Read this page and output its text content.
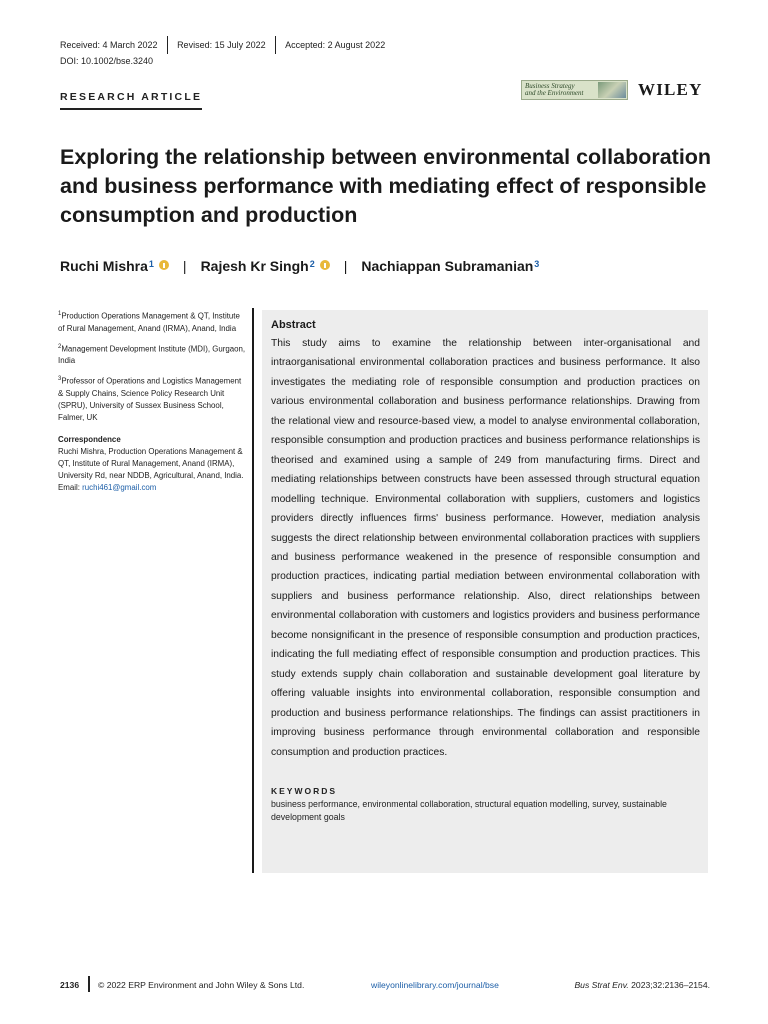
Received: 4 March 2022 Revised: 15 July 2022 Accepted: 2 August 2022
DOI: 10.1002/bse.3240
RESEARCH ARTICLE
Business Strategy
and the Environment	WILEY
Exploring the relationship between environmental collaboration and business performance with mediating effect of responsible consumption and production
Ruchi Mishra$^1$ | Rajesh Kr Singh$^2$ | Nachiappan Subramanian$^3$

$^1$Production Operations Management & QT, Institute of Rural Management, Anand (IRMA), Anand, India

$^2$Management Development Institute (MDI), Gurgaon, India

$^3$Professor of Operations and Logistics Management & Supply Chains, Science Policy Research Unit (SPRU), University of Sussex Business School, Falmer, UK

Correspondence
Ruchi Mishra, Production Operations Management & QT, Institute of Rural Management, Anand (IRMA), University Rd, near NDDB, Agricultural, Anand, India.
Email: ruchi461@gmail.com
Abstract

This study aims to examine the relationship between inter-organisational and intraorganisational environmental collaboration practices and business performance. It also investigates the mediating role of responsible consumption and production practices on various environmental collaboration and business performance relationships. Drawing from the relational view and resource-based view, a model to analyse environmental collaboration, responsible consumption and production practices and business performance relationships is theorised and examined using a sample of 249 from manufacturing firms. Direct and mediating relationships between constructs have been assessed through structural equation modelling technique. Environmental collaboration with suppliers, customers and logistics providers directly influences firms' business performance. However, mediation analysis suggests the direct relationship between environmental collaboration practices with suppliers and business performance weakened in the presence of responsible consumption and production practices, indicating partial mediation between environmental collaboration with suppliers and business performance relationship. Also, direct relationships between environmental collaboration with customers and logistics providers and business performance become nonsignificant in the presence of responsible consumption and production practices, indicating the full mediating effect of responsible consumption and production practices. This study extends supply chain collaboration and sustainable development goal literature by offering valuable insights into environmental collaboration, responsible consumption and production and business performance relationships. The findings can assist practitioners in improving business performance through environmental collaboration and responsible consumption and production practices.

KEYWORDS
business performance, environmental collaboration, structural equation modelling, survey, sustainable development goals
2136 © 2022 ERP Environment and John Wiley & Sons Ltd.	wileyonlinelibrary.com/journal/bse	Bus Strat Env. 2023;32:2136–2154.
